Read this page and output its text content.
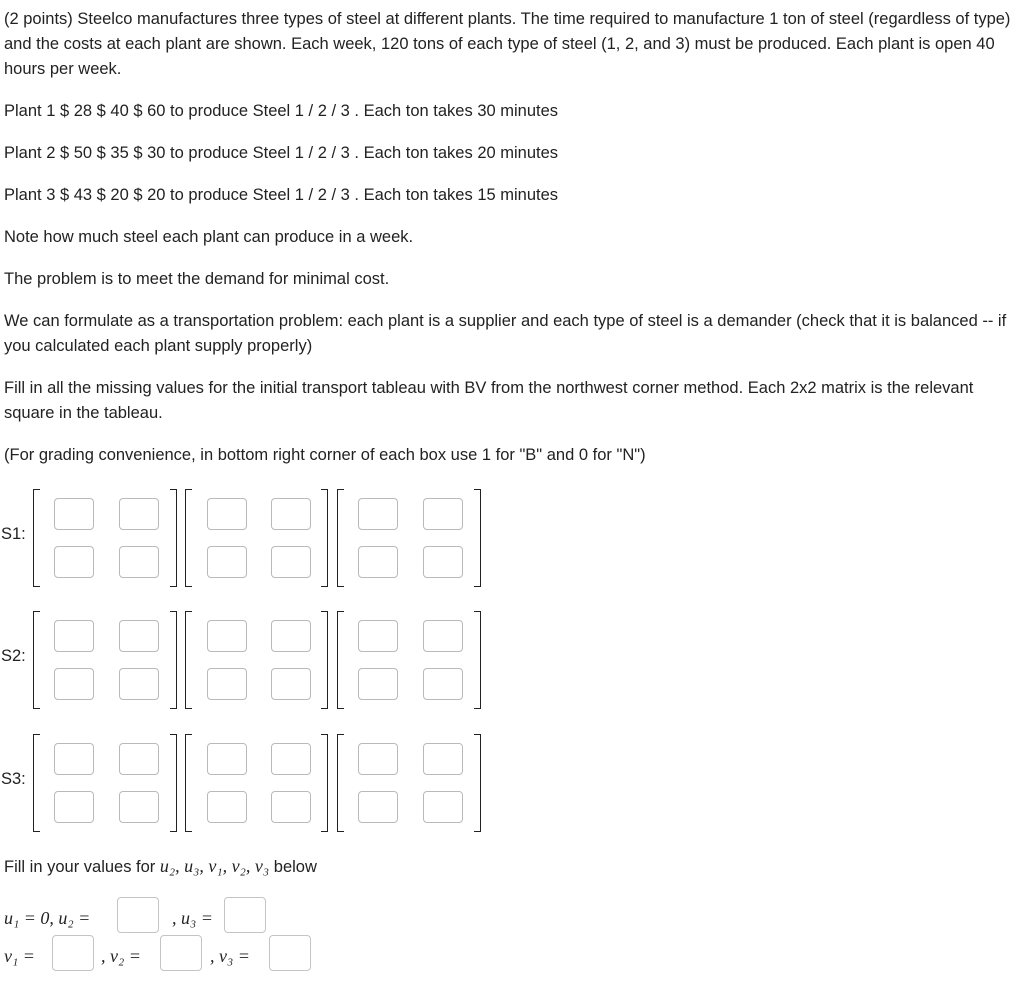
(2 points) Steelco manufactures three types of steel at different plants. The time required to manufacture 1 ton of steel (regardless of type) and the costs at each plant are shown. Each week, 120 tons of each type of steel (1, 2, and 3) must be produced. Each plant is open 40 hours per week.

Plant 1 $ 28 $ 40 $ 60 to produce Steel 1 / 2 / 3 . Each ton takes 30 minutes

Plant 2 $ 50 $ 35 $ 30 to produce Steel 1 / 2 / 3 . Each ton takes 20 minutes

Plant 3 $ 43 $ 20 $ 20 to produce Steel 1 / 2 / 3 . Each ton takes 15 minutes

Note how much steel each plant can produce in a week.

The problem is to meet the demand for minimal cost.

We can formulate as a transportation problem: each plant is a supplier and each type of steel is a demander (check that it is balanced -- if you calculated each plant supply properly)

Fill in all the missing values for the initial transport tableau with BV from the northwest corner method. Each 2x2 matrix is the relevant square in the tableau.

(For grading convenience, in bottom right corner of each box use 1 for "B" and 0 for "N")

S1:
S2:
S3:
Fill in your values for u₂, u₃, v₁, v₂, v₃ below
u₁ = 0, u₂ =	, u₃ =
v₁ =	, v₂ =	, v₃ =
